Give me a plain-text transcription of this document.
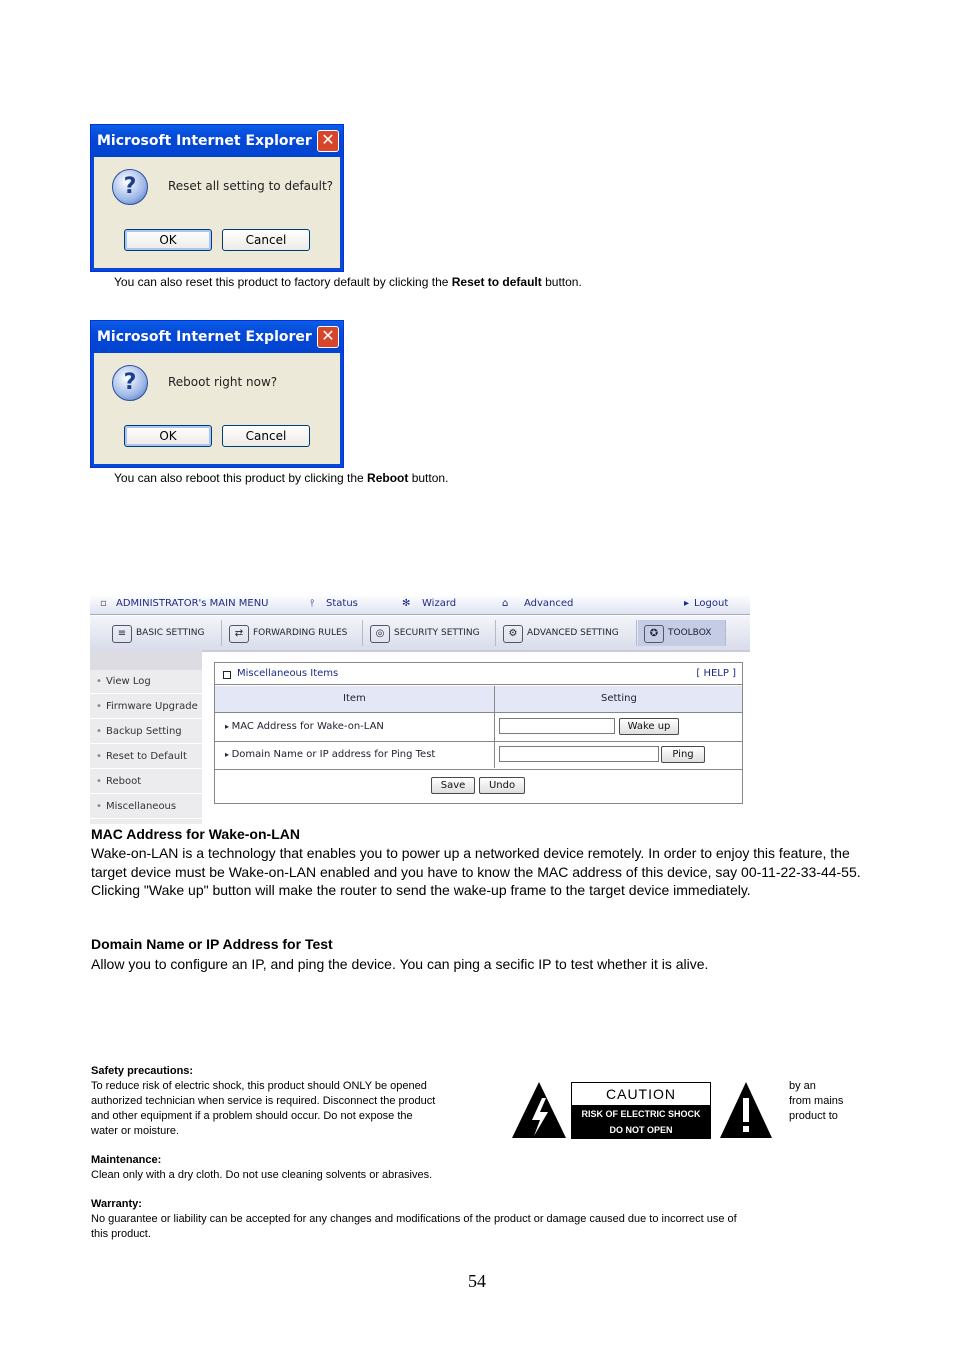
Microsoft Internet Explorer ✕
?	Reset all setting to default?
OK	Cancel
You can also reset this product to factory default by clicking the Reset to default button.
Microsoft Internet Explorer ✕
?	Reboot right now?
OK	Cancel
You can also reboot this product by clicking the Reboot button.
▫ ADMINISTRATOR's MAIN MENU	⫯ Status	✻ Wizard	⌂ Advanced	▸ Logout
≡	BASIC SETTING	⇄	FORWARDING RULES	◎	SECURITY SETTING	⚙	ADVANCED SETTING	✪	TOOLBOX
• View Log
• Firmware Upgrade
• Backup Setting
• Reset to Default
• Reboot
• Miscellaneous
Miscellaneous Items	[ HELP ]
Item	Setting
▸ MAC Address for Wake-on-LAN	Wake up
▸ Domain Name or IP address for Ping Test	Ping
Save	Undo
MAC Address for Wake-on-LAN
Wake-on-LAN is a technology that enables you to power up a networked device remotely. In order to enjoy this feature, the target device must be Wake-on-LAN enabled and you have to know the MAC address of this device, say 00-11-22-33-44-55. Clicking "Wake up" button will make the router to send the wake-up frame to the target device immediately.
Domain Name or IP Address for Test
Allow you to configure an IP, and ping the device. You can ping a secific IP to test whether it is alive.
Safety precautions:
To reduce risk of electric shock, this product should ONLY be opened
authorized technician when service is required. Disconnect the product
and other equipment if a problem should occur. Do not expose the
water or moisture.
by an
from mains
product to
CAUTION
RISK OF ELECTRIC SHOCK
DO NOT OPEN
Maintenance:
Clean only with a dry cloth. Do not use cleaning solvents or abrasives.
Warranty:
No guarantee or liability can be accepted for any changes and modifications of the product or damage caused due to incorrect use of
this product.
54
